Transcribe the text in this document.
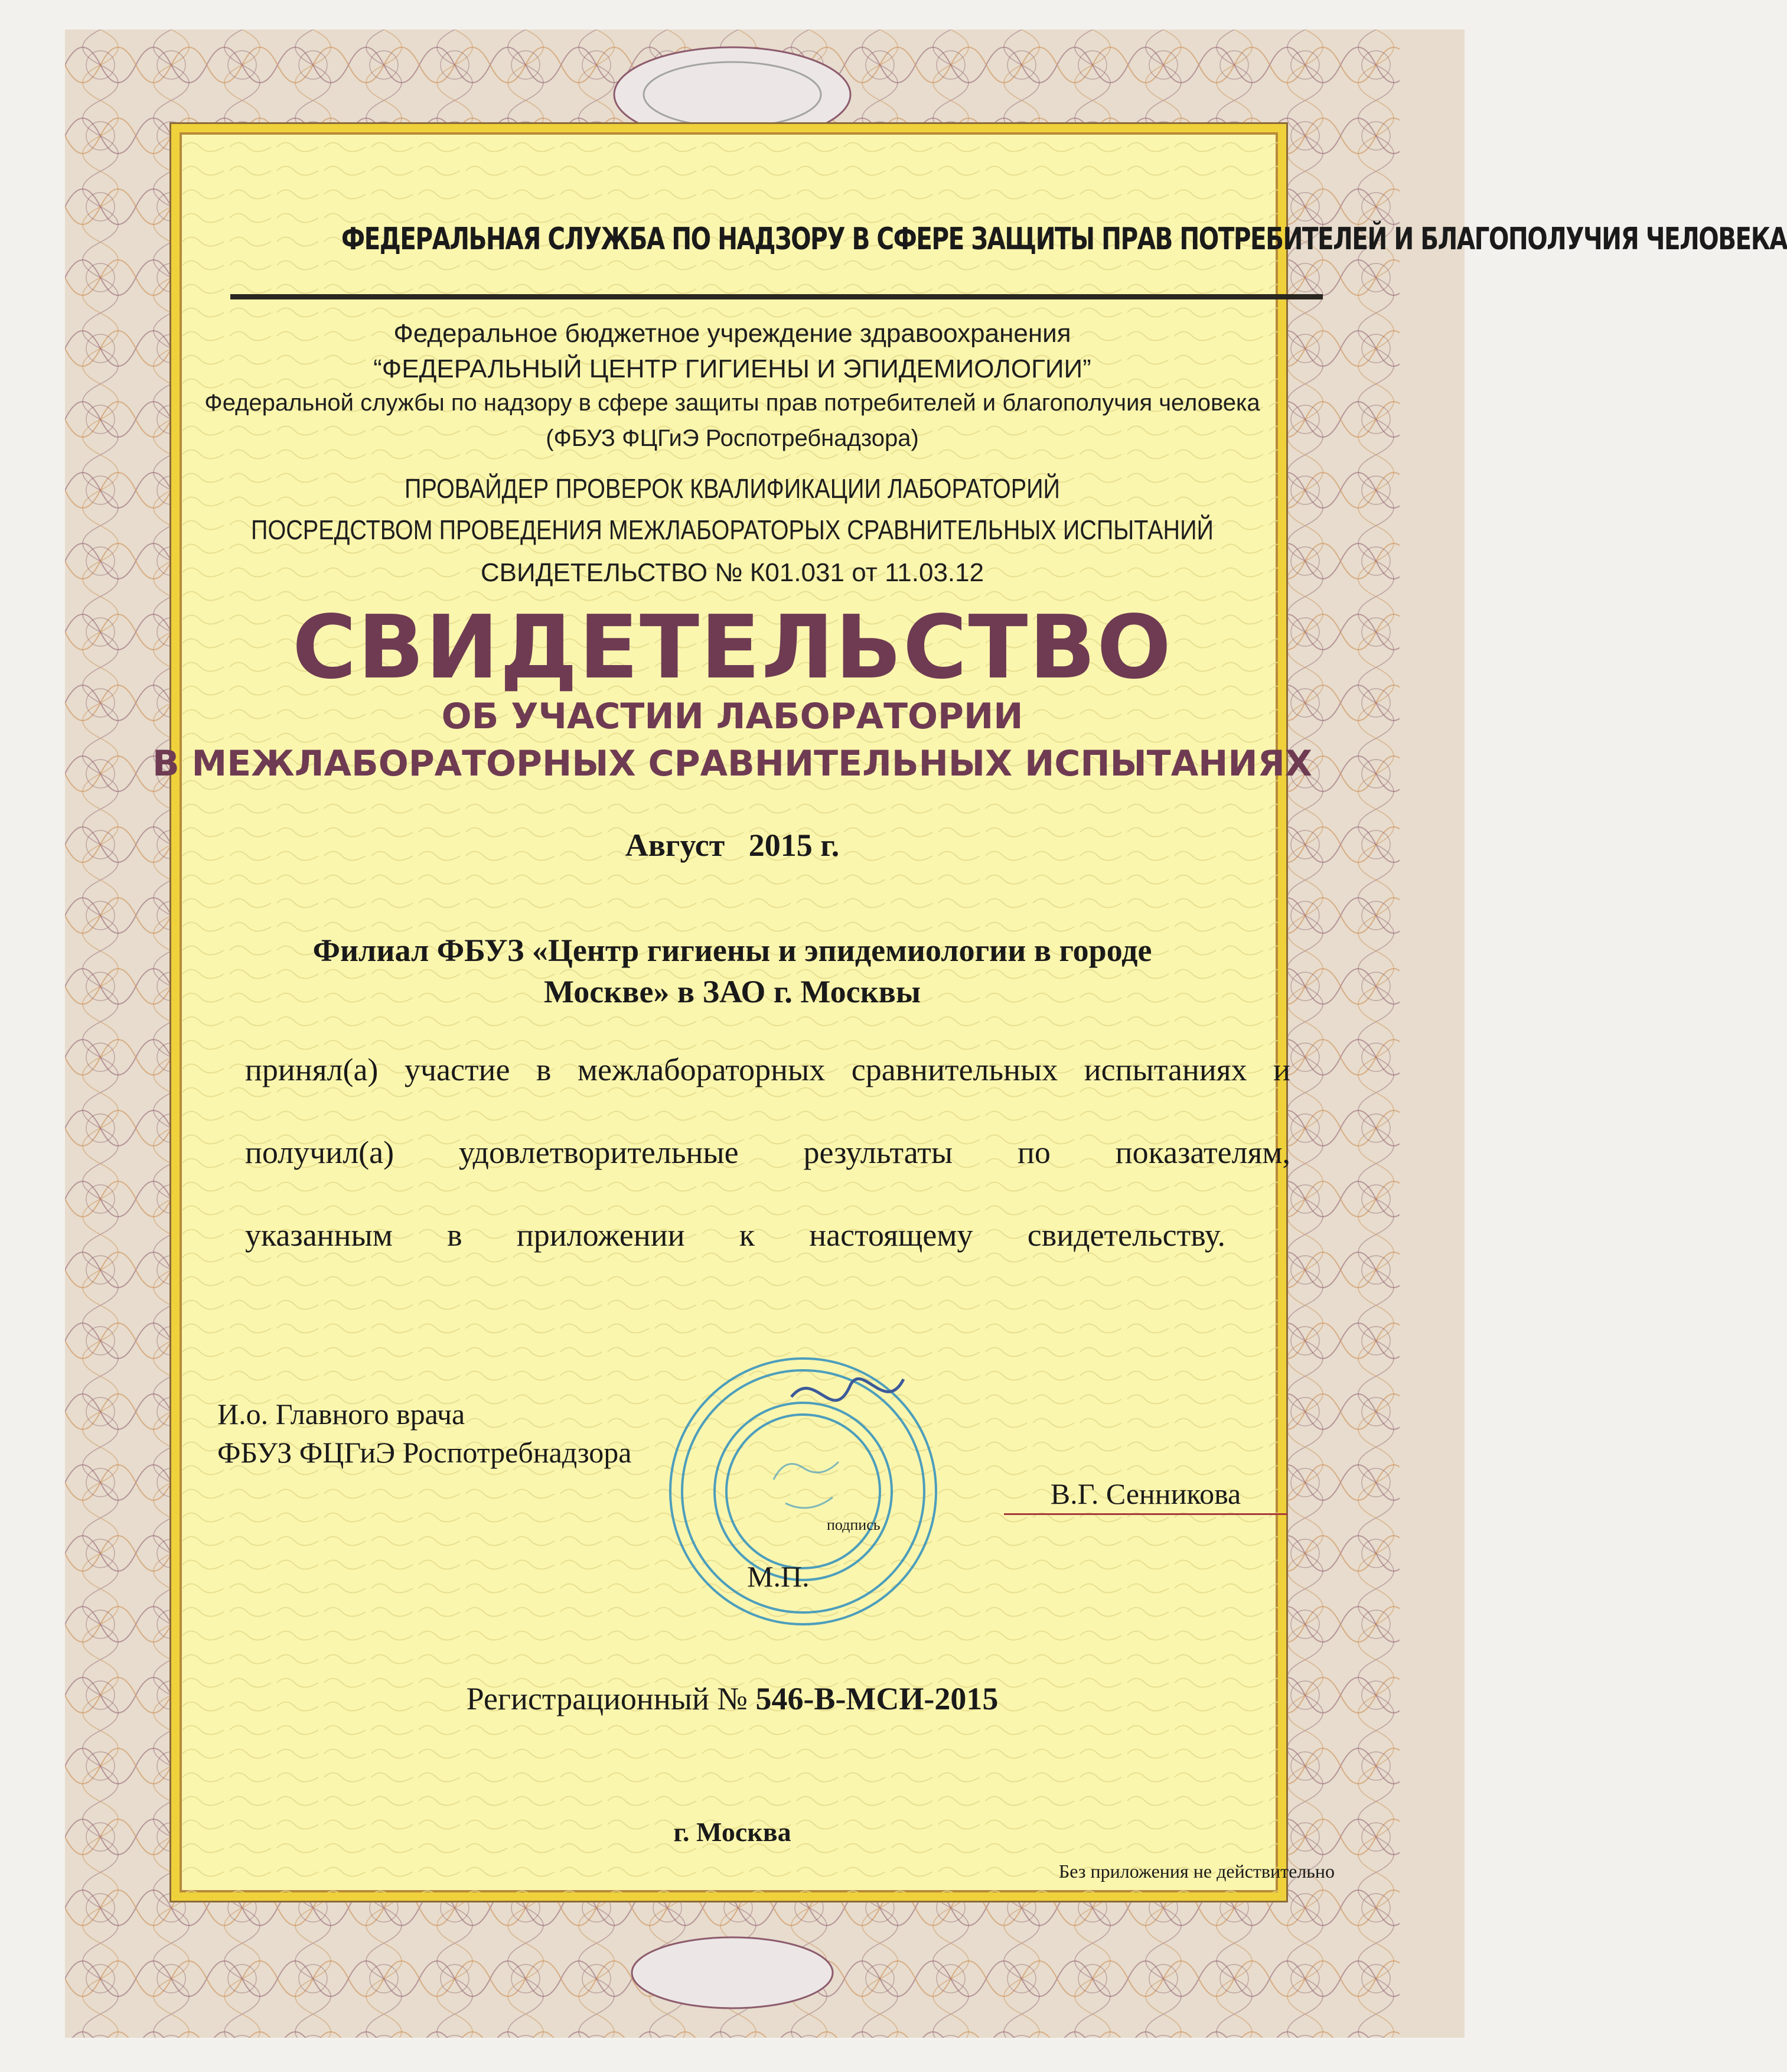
ФЕДЕРАЛЬНАЯ СЛУЖБА ПО НАДЗОРУ В СФЕРЕ ЗАЩИТЫ ПРАВ ПОТРЕБИТЕЛЕЙ И БЛАГОПОЛУЧИЯ ЧЕЛОВЕКА
Федеральное бюджетное учреждение здравоохранения
“ФЕДЕРАЛЬНЫЙ ЦЕНТР ГИГИЕНЫ И ЭПИДЕМИОЛОГИИ”
Федеральной службы по надзору в сфере защиты прав потребителей и благополучия человека
(ФБУЗ ФЦГиЭ Роспотребнадзора)
ПРОВАЙДЕР ПРОВЕРОК КВАЛИФИКАЦИИ ЛАБОРАТОРИЙ
ПОСРЕДСТВОМ ПРОВЕДЕНИЯ МЕЖЛАБОРАТОРЫХ СРАВНИТЕЛЬНЫХ ИСПЫТАНИЙ
СВИДЕТЕЛЬСТВО № К01.031 от 11.03.12
СВИДЕТЕЛЬСТВО
ОБ УЧАСТИИ ЛАБОРАТОРИИ
В МЕЖЛАБОРАТОРНЫХ СРАВНИТЕЛЬНЫХ ИСПЫТАНИЯХ
Август   2015 г.
Филиал ФБУЗ «Центр гигиены и эпидемиологии в городе
Москве» в ЗАО г. Москвы
принял(а) участие в межлабораторных сравнительных испытаниях и
получил(а) удовлетворительные результаты по показателям,
указанным в приложении к настоящему свидетельству.
И.о. Главного врача
ФБУЗ ФЦГиЭ Роспотребнадзора
В.Г. Сенникова
подпись
М.П.
Регистрационный № 546-В-МСИ-2015
г. Москва
Без приложения не действительно
